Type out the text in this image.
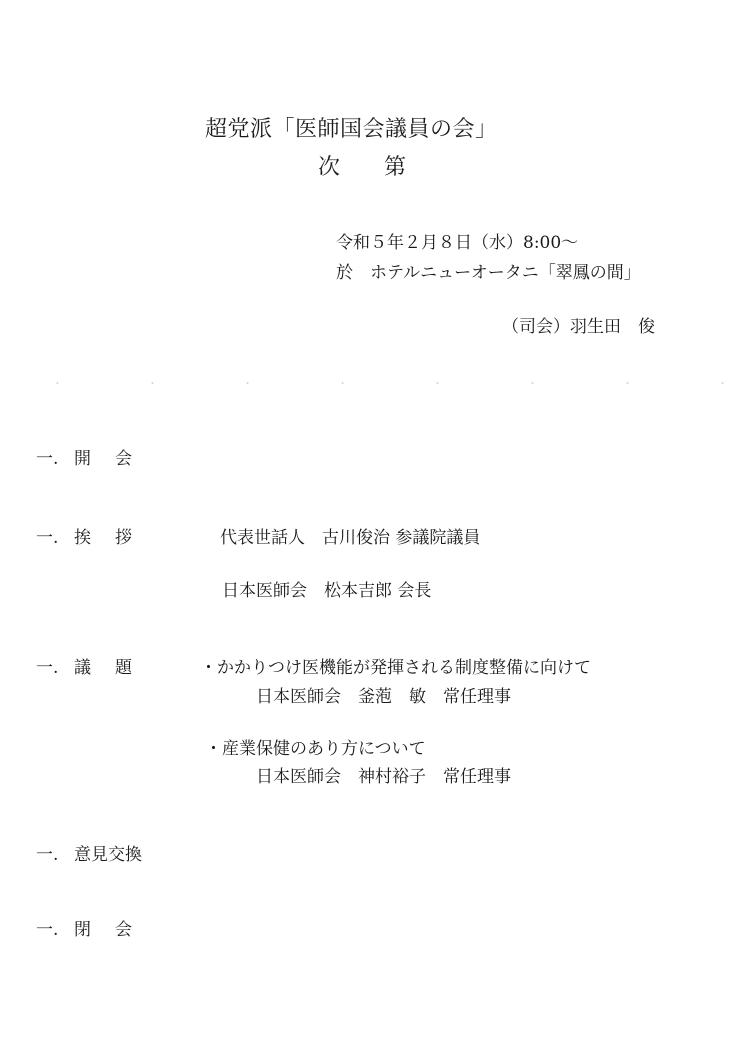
超党派「医師国会議員の会」
次第
令和５年２月８日（水）8:00～
於　ホテルニューオータニ「翠鳳の間」
（司会）羽生田　俊
一. 開会
一. 挨拶	代表世話人　古川俊治 参議院議員
日本医師会　松本吉郎 会長
一. 議題	・かかりつけ医機能が発揮される制度整備に向けて
日本医師会　釜萢　敏　常任理事
・産業保健のあり方について
日本医師会　神村裕子　常任理事
一. 意見交換
一. 閉会
